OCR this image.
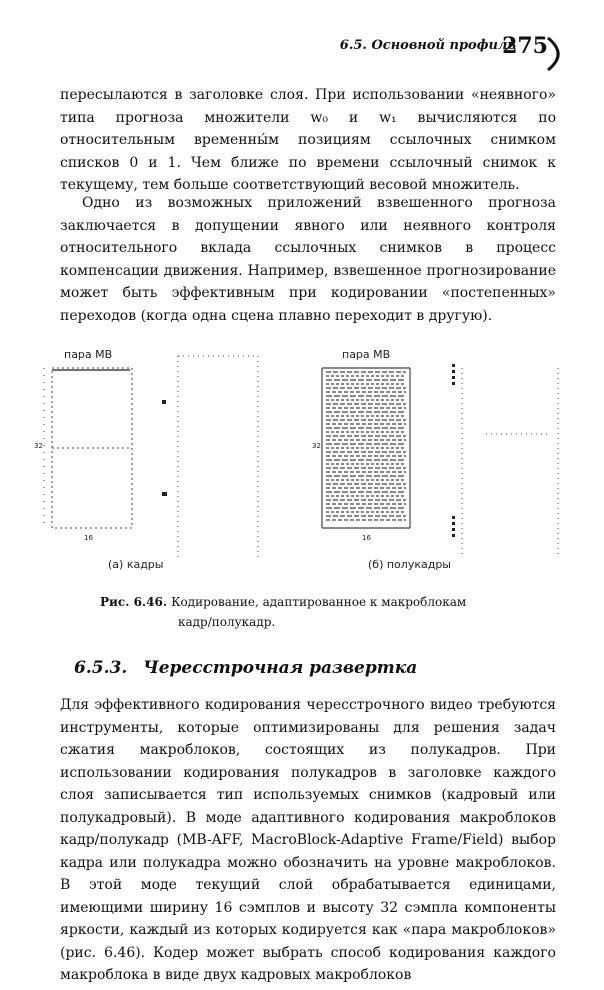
6.5. Основной профиль
275

пересылаются в заголовке слоя. При использовании «неявного» типа прогноза множители w₀ и w₁ вычисляются по относительным временны́м позициям ссылочных снимком списков 0 и 1. Чем ближе по времени ссылочный снимок к текущему, тем больше соответствующий весовой множитель.

Одно из возможных приложений взвешенного прогноза заключается в допущении явного или неявного контроля относительного вклада ссылочных снимков в процесс компенсации движения. Например, взвешенное прогнозирование может быть эффективным при кодировании «постепенных» переходов (когда одна сцена плавно переходит в другую).

пара MB
32
16
(а) кадры
пара MB
32
16
(б) полукадры
Рис. 6.46. Кодирование, адаптированное к макроблокам
кадр/полукадр.
6.5.3. Чересстрочная развертка

Для эффективного кодирования чересстрочного видео требуются инструменты, которые оптимизированы для решения задач сжатия макроблоков, состоящих из полукадров. При использовании кодирования полукадров в заголовке каждого слоя записывается тип используемых снимков (кадровый или полукадровый). В моде адаптивного кодирования макроблоков кадр/полукадр (MB-AFF, MacroBlock-Adaptive Frame/Field) выбор кадра или полукадра можно обозначить на уровне макроблоков. В этой моде текущий слой обрабатывается единицами, имеющими ширину 16 сэмплов и высоту 32 сэмпла компоненты яркости, каждый из которых кодируется как «пара макроблоков» (рис. 6.46). Кодер может выбрать способ кодирования каждого макроблока в виде двух кадровых макроблоков
